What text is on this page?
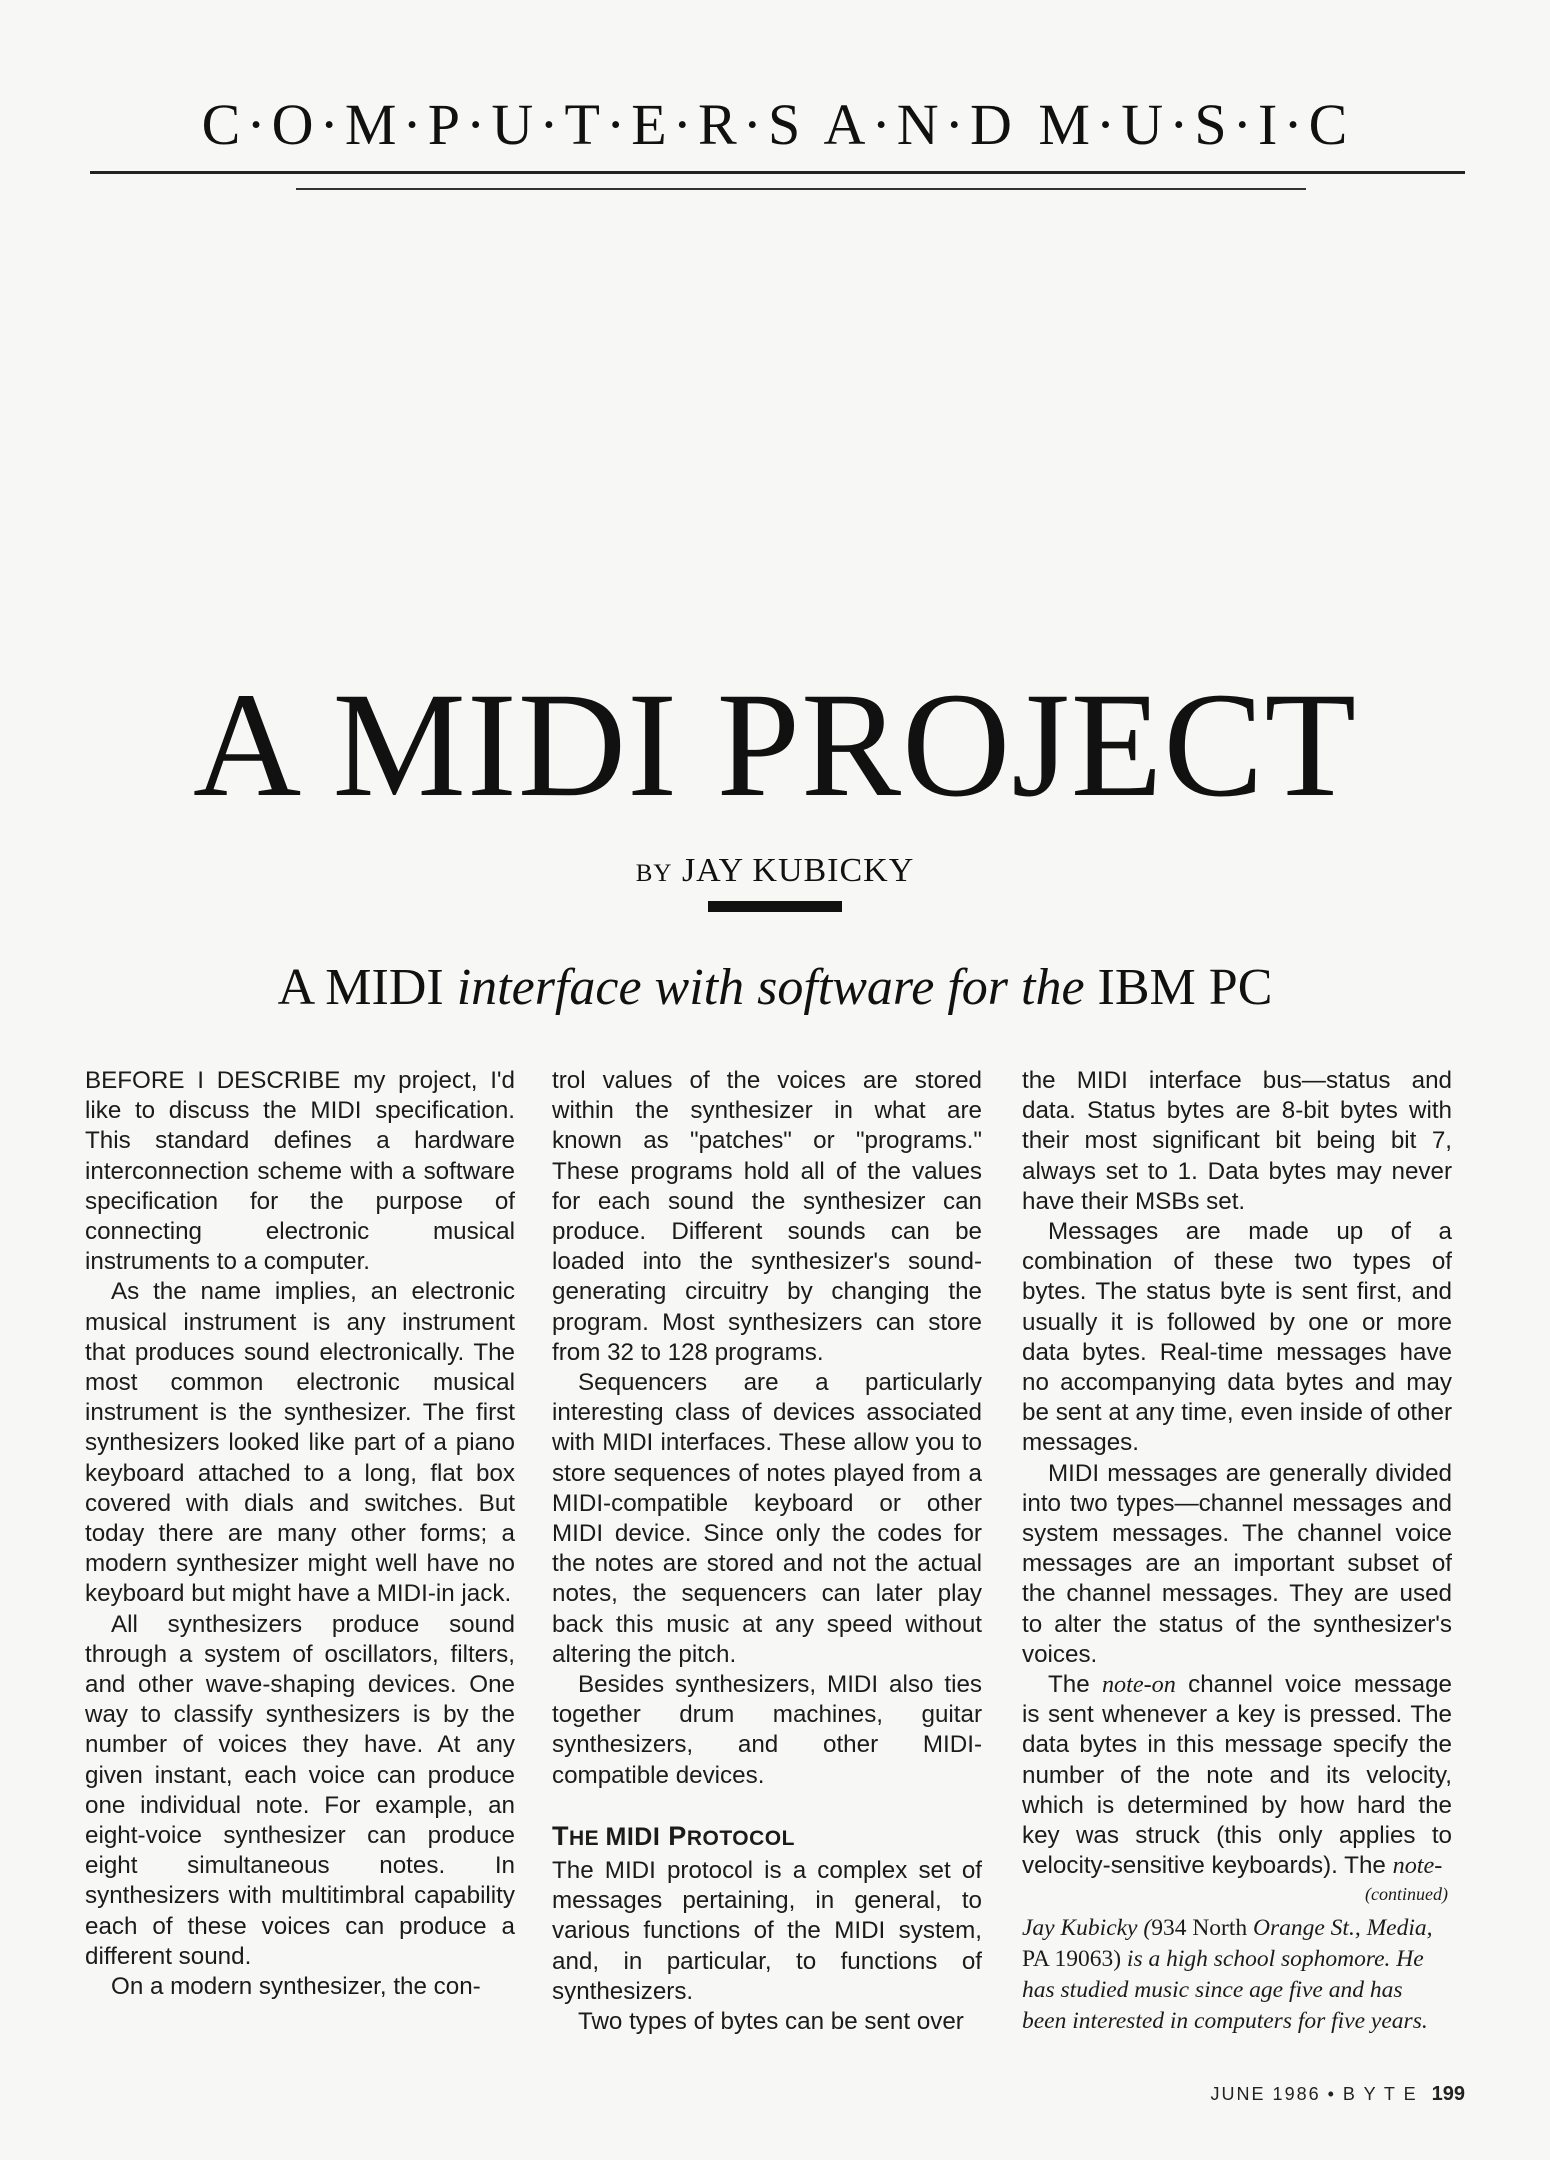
C·O·M·P·U·T·E·R·S A·N·D M·U·S·I·C
A MIDI PROJECT
BY JAY KUBICKY
A MIDI interface with software for the IBM PC

BEFORE I DESCRIBE my project, I'd like to discuss the MIDI specification. This standard defines a hardware interconnection scheme with a software specification for the purpose of connecting electronic musical instruments to a computer.

As the name implies, an electronic musical instrument is any instrument that produces sound electronically. The most common electronic musical instrument is the synthesizer. The first synthesizers looked like part of a piano keyboard attached to a long, flat box covered with dials and switches. But today there are many other forms; a modern synthesizer might well have no keyboard but might have a MIDI-in jack.

All synthesizers produce sound through a system of oscillators, filters, and other wave-shaping devices. One way to classify synthesizers is by the number of voices they have. At any given instant, each voice can produce one individual note. For example, an eight-voice synthesizer can produce eight simultaneous notes. In synthesizers with multitimbral capability each of these voices can produce a different sound.

On a modern synthesizer, the con-

trol values of the voices are stored within the synthesizer in what are known as "patches" or "programs." These programs hold all of the values for each sound the synthesizer can produce. Different sounds can be loaded into the synthesizer's sound-generating circuitry by changing the program. Most synthesizers can store from 32 to 128 programs.

Sequencers are a particularly interesting class of devices associated with MIDI interfaces. These allow you to store sequences of notes played from a MIDI-compatible keyboard or other MIDI device. Since only the codes for the notes are stored and not the actual notes, the sequencers can later play back this music at any speed without altering the pitch.

Besides synthesizers, MIDI also ties together drum machines, guitar synthesizers, and other MIDI-compatible devices.

THE MIDI PROTOCOL

The MIDI protocol is a complex set of messages pertaining, in general, to various functions of the MIDI system, and, in particular, to functions of synthesizers.

Two types of bytes can be sent over

the MIDI interface bus—status and data. Status bytes are 8-bit bytes with their most significant bit being bit 7, always set to 1. Data bytes may never have their MSBs set.

Messages are made up of a combination of these two types of bytes. The status byte is sent first, and usually it is followed by one or more data bytes. Real-time messages have no accompanying data bytes and may be sent at any time, even inside of other messages.

MIDI messages are generally divided into two types—channel messages and system messages. The channel voice messages are an important subset of the channel messages. They are used to alter the status of the synthesizer's voices.

The note-on channel voice message is sent whenever a key is pressed. The data bytes in this message specify the number of the note and its velocity, which is determined by how hard the key was struck (this only applies to velocity-sensitive keyboards). The note-

(continued)
Jay Kubicky (934 North Orange St., Media, PA 19063) is a high school sophomore. He has studied music since age five and has been interested in computers for five years.
JUNE 1986 • B Y T E 199
